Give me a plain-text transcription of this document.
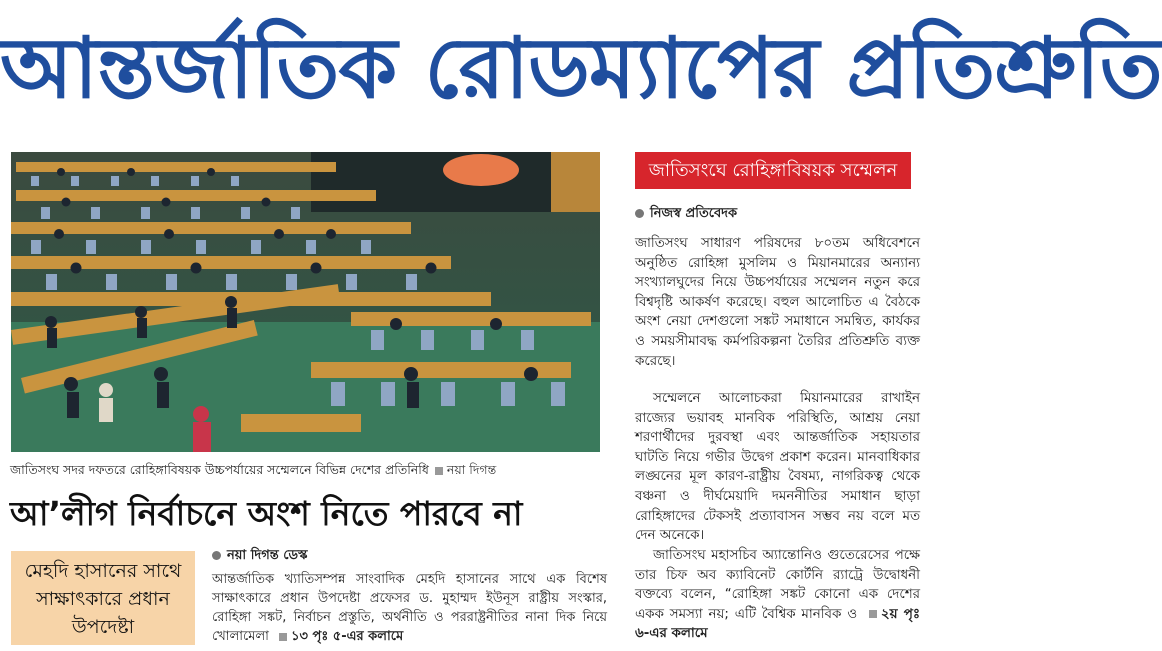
আন্তর্জাতিক রোডম্যাপের প্রতিশ্রুতি
জাতিসংঘ সদর দফতরে রোহিঙ্গাবিষয়ক উচ্চপর্যায়ের সম্মেলনে বিভিন্ন দেশের প্রতিনিধি নয়া দিগন্ত
আ’লীগ নির্বাচনে অংশ নিতে পারবে না
মেহদি হাসানের সাথে সাক্ষাৎকারে প্রধান উপদেষ্টা
নয়া দিগন্ত ডেস্ক
আন্তর্জাতিক খ্যাতিসম্পন্ন সাংবাদিক মেহদি হাসানের সাথে এক বিশেষ সাক্ষাৎকারে প্রধান উপদেষ্টা প্রফেসর ড. মুহাম্মদ ইউনূস রাষ্ট্রীয় সংস্কার, রোহিঙ্গা সঙ্কট, নির্বাচন প্রস্তুতি, অর্থনীতি ও পররাষ্ট্রনীতির নানা দিক নিয়ে খোলামেলা ১৩ পৃঃ ৫-এর কলামে
জাতিসংঘে রোহিঙ্গাবিষয়ক সম্মেলন
নিজস্ব প্রতিবেদক
জাতিসংঘ সাধারণ পরিষদের ৮০তম অধিবেশনে অনুষ্ঠিত রোহিঙ্গা মুসলিম ও মিয়ানমারের অন্যান্য সংখ্যালঘুদের নিয়ে উচ্চপর্যায়ের সম্মেলন নতুন করে বিশ্বদৃষ্টি আকর্ষণ করেছে। বহুল আলোচিত এ বৈঠকে অংশ নেয়া দেশগুলো সঙ্কট সমাধানে সমন্বিত, কার্যকর ও সময়সীমাবদ্ধ কর্মপরিকল্পনা তৈরির প্রতিশ্রুতি ব্যক্ত করেছে।
সম্মেলনে আলোচকরা মিয়ানমারের রাখাইন রাজ্যের ভয়াবহ মানবিক পরিস্থিতি, আশ্রয় নেয়া শরণার্থীদের দুরবস্থা এবং আন্তর্জাতিক সহায়তার ঘাটতি নিয়ে গভীর উদ্বেগ প্রকাশ করেন। মানবাধিকার লঙ্ঘনের মূল কারণ-রাষ্ট্রীয় বৈষম্য, নাগরিকত্ব থেকে বঞ্চনা ও দীর্ঘমেয়াদি দমননীতির সমাধান ছাড়া রোহিঙ্গাদের টেকসই প্রত্যাবাসন সম্ভব নয় বলে মত দেন অনেকে।
জাতিসংঘ মহাসচিব অ্যান্তোনিও গুতেরেসের পক্ষে তার চিফ অব ক্যাবিনেট কোর্টনি র‌্যাট্রে উদ্বোধনী বক্তব্যে বলেন, “রোহিঙ্গা সঙ্কট কোনো এক দেশের একক সমস্যা নয়; এটি বৈশ্বিক মানবিক ও ২য় পৃঃ ৬-এর কলামে
